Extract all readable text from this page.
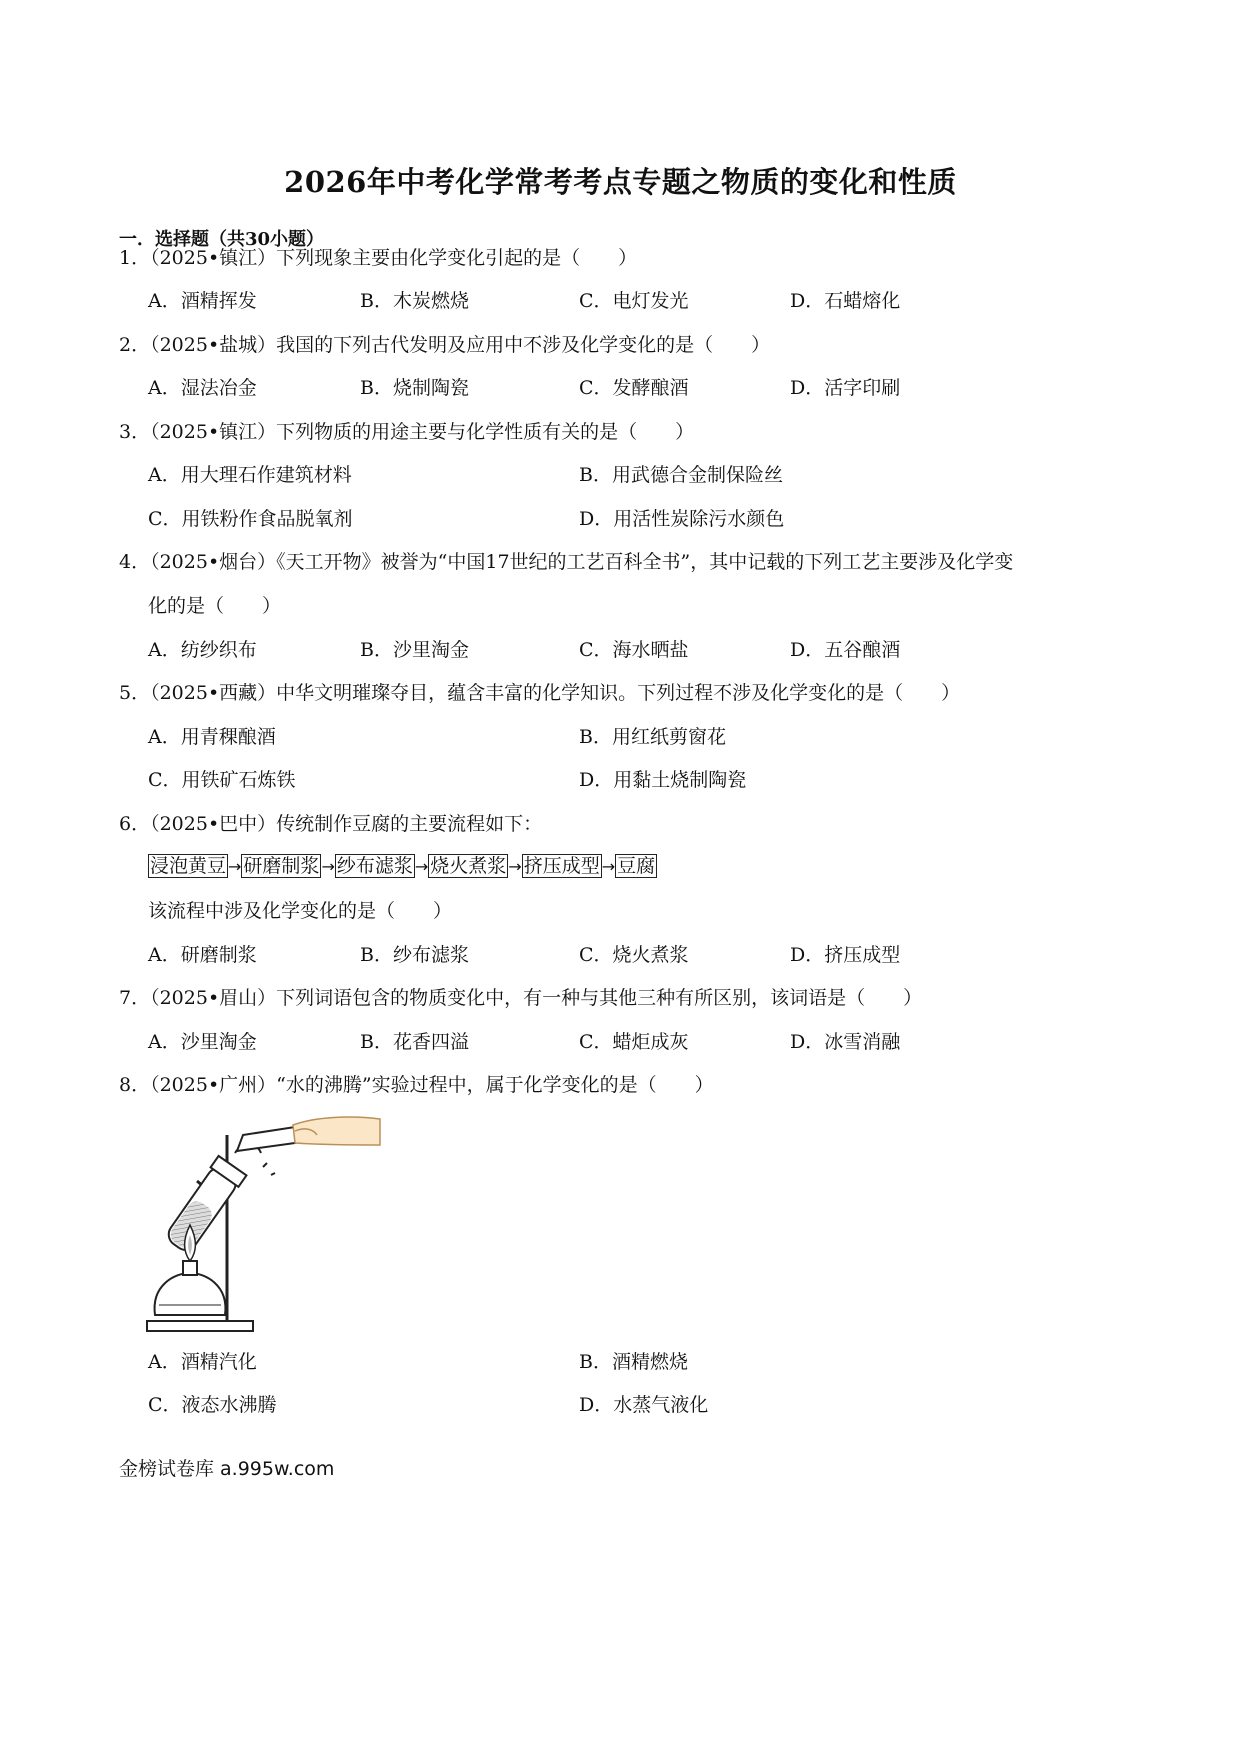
2026年中考化学常考考点专题之物质的变化和性质
一．选择题（共30小题）
1．（2025•镇江）下列现象主要由化学变化引起的是（　　）
A．酒精挥发	B．木炭燃烧	C．电灯发光	D．石蜡熔化
2．（2025•盐城）我国的下列古代发明及应用中不涉及化学变化的是（　　）
A．湿法冶金	B．烧制陶瓷	C．发酵酿酒	D．活字印刷
3．（2025•镇江）下列物质的用途主要与化学性质有关的是（　　）
A．用大理石作建筑材料	B．用武德合金制保险丝
C．用铁粉作食品脱氧剂	D．用活性炭除污水颜色
4．（2025•烟台）《天工开物》被誉为“中国17世纪的工艺百科全书”，其中记载的下列工艺主要涉及化学变
化的是（　　）
A．纺纱织布	B．沙里淘金	C．海水晒盐	D．五谷酿酒
5．（2025•西藏）中华文明璀璨夺目，蕴含丰富的化学知识。下列过程不涉及化学变化的是（　　）
A．用青稞酿酒	B．用红纸剪窗花
C．用铁矿石炼铁	D．用黏土烧制陶瓷
6．（2025•巴中）传统制作豆腐的主要流程如下：
浸泡黄豆 → 研磨制浆 → 纱布滤浆 → 烧火煮浆 → 挤压成型 → 豆腐
该流程中涉及化学变化的是（　　）
A．研磨制浆	B．纱布滤浆	C．烧火煮浆	D．挤压成型
7．（2025•眉山）下列词语包含的物质变化中，有一种与其他三种有所区别，该词语是（　　）
A．沙里淘金	B．花香四溢	C．蜡炬成灰	D．冰雪消融
8．（2025•广州）“水的沸腾”实验过程中，属于化学变化的是（　　）
A．酒精汽化	B．酒精燃烧
C．液态水沸腾	D．水蒸气液化
金榜试卷库 a.995w.com
